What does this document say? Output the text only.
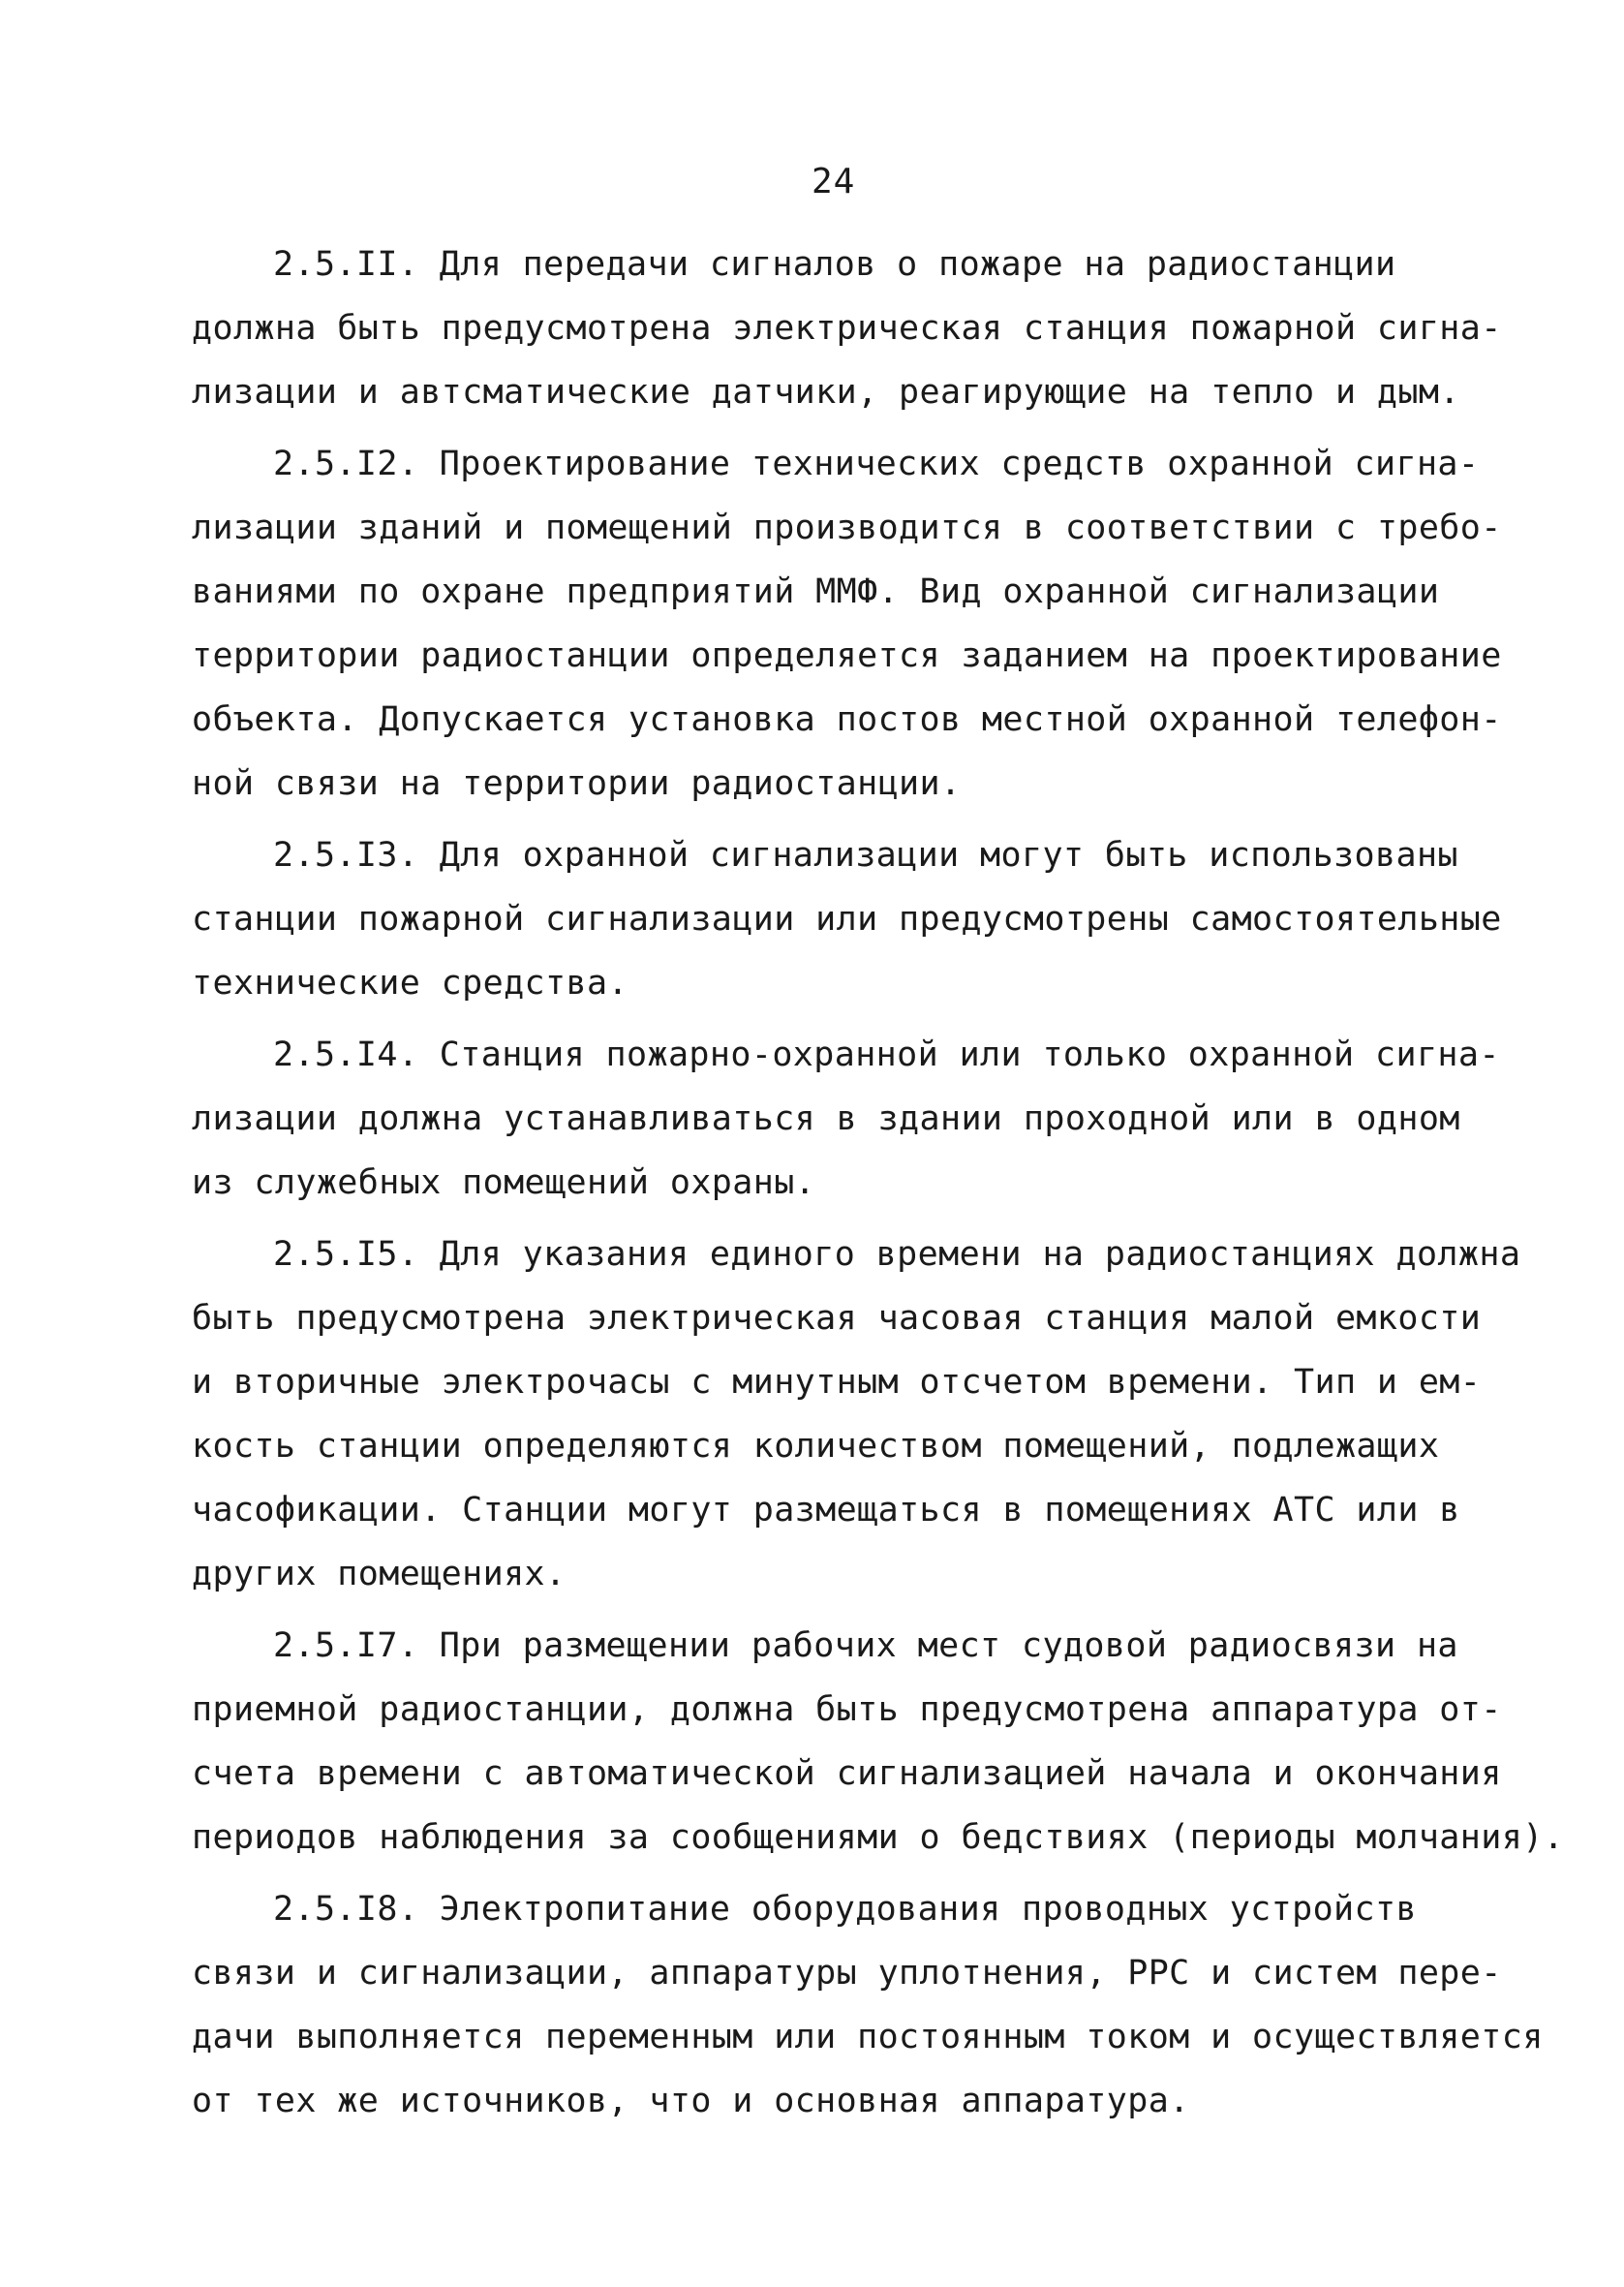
24
2.5.II. Для передачи сигналов о пожаре на радиостанции
должна быть предусмотрена электрическая станция пожарной сигна-
лизации и автсматические датчики, реагирующие на тепло и дым.
2.5.I2. Проектирование технических средств охранной сигна-
лизации зданий и помещений производится в соответствии с требо-
ваниями по охране предприятий ММФ. Вид охранной сигнализации
территории радиостанции определяется заданием на проектирование
объекта. Допускается установка постов местной охранной телефон-
ной связи на территории радиостанции.
2.5.I3. Для охранной сигнализации могут быть использованы
станции пожарной сигнализации или предусмотрены самостоятельные
технические средства.
2.5.I4. Станция пожарно-охранной или только охранной сигна-
лизации должна устанавливаться в здании проходной или в одном
из служебных помещений охраны.
2.5.I5. Для указания единого времени на радиостанциях должна
быть предусмотрена электрическая часовая станция малой емкости
и вторичные электрочасы с минутным отсчетом времени. Тип и ем-
кость станции определяются количеством помещений, подлежащих
часофикации. Станции могут размещаться в помещениях АТС или в
других помещениях.
2.5.I7. При размещении рабочих мест судовой радиосвязи на
приемной радиостанции, должна быть предусмотрена аппаратура от-
счета времени с автоматической сигнализацией начала и окончания
периодов наблюдения за сообщениями о бедствиях (периоды молчания).
2.5.I8. Электропитание оборудования проводных устройств
связи и сигнализации, аппаратуры уплотнения, РРС и систем пере-
дачи выполняется переменным или постоянным током и осуществляется
от тех же источников, что и основная аппаратура.
